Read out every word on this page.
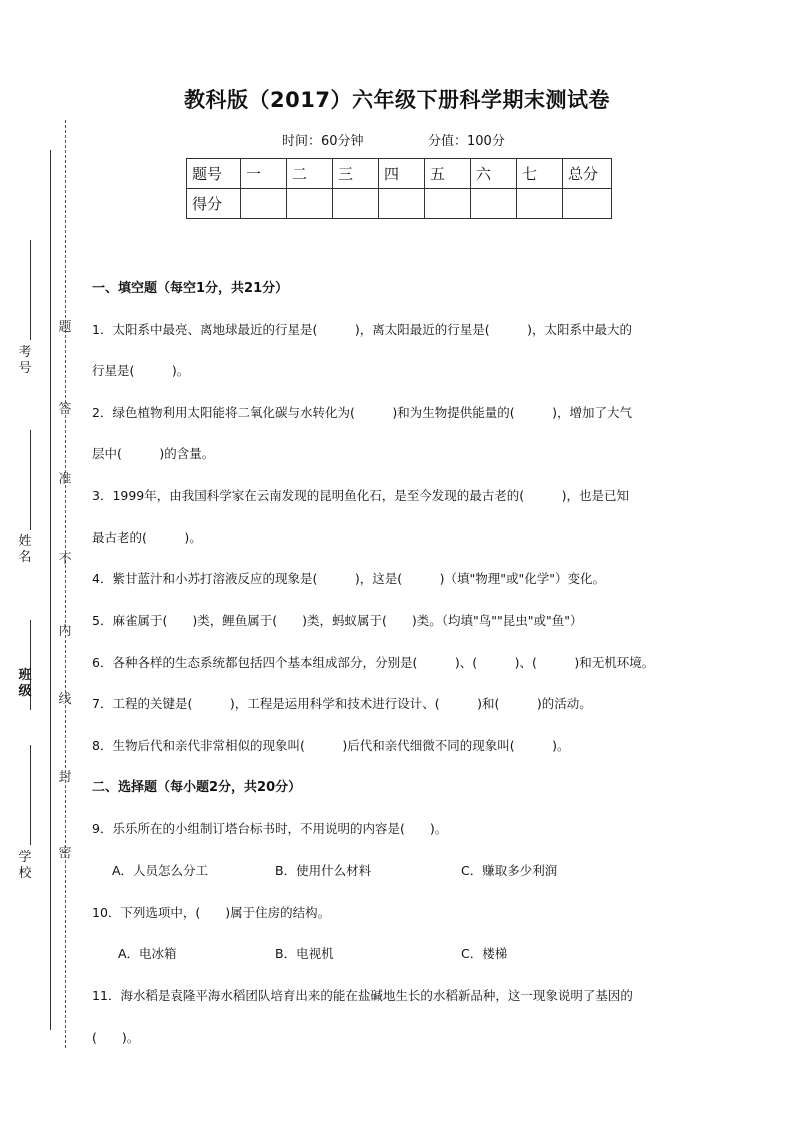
题
答
准
不
内
线
封
密
考号
姓名
班级
学校
教科版（2017）六年级下册科学期末测试卷
时间：60分钟	分值：100分
题号	一	二	三	四	五	六	七	总分
得分								
一、填空题（每空1分，共21分）
1．太阳系中最亮、离地球最近的行星是(　　　)，离太阳最近的行星是(　　　)，太阳系中最大的
行星是(　　　)。
2．绿色植物利用太阳能将二氧化碳与水转化为(　　　)和为生物提供能量的(　　　)，增加了大气
层中(　　　)的含量。
3．1999年，由我国科学家在云南发现的昆明鱼化石，是至今发现的最古老的(　　　)，也是已知
最古老的(　　　)。
4．紫甘蓝汁和小苏打溶液反应的现象是(　　　)，这是(　　　)（填"物理"或"化学"）变化。
5．麻雀属于(　　)类，鲤鱼属于(　　)类，蚂蚁属于(　　)类。（均填"鸟""昆虫"或"鱼"）
6．各种各样的生态系统都包括四个基本组成部分，分别是(　　　)、(　　　)、(　　　)和无机环境。
7．工程的关键是(　　　)，工程是运用科学和技术进行设计、(　　　)和(　　　)的活动。
8．生物后代和亲代非常相似的现象叫(　　　)后代和亲代细微不同的现象叫(　　　)。
二、选择题（每小题2分，共20分）
9．乐乐所在的小组制订塔台标书时，不用说明的内容是(　　)。
A．人员怎么分工	B．使用什么材料	C．赚取多少利润
10．下列选项中，(　　)属于住房的结构。
A．电冰箱	B．电视机	C．楼梯
11．海水稻是袁隆平海水稻团队培育出来的能在盐碱地生长的水稻新品种，这一现象说明了基因的
(　　)。
